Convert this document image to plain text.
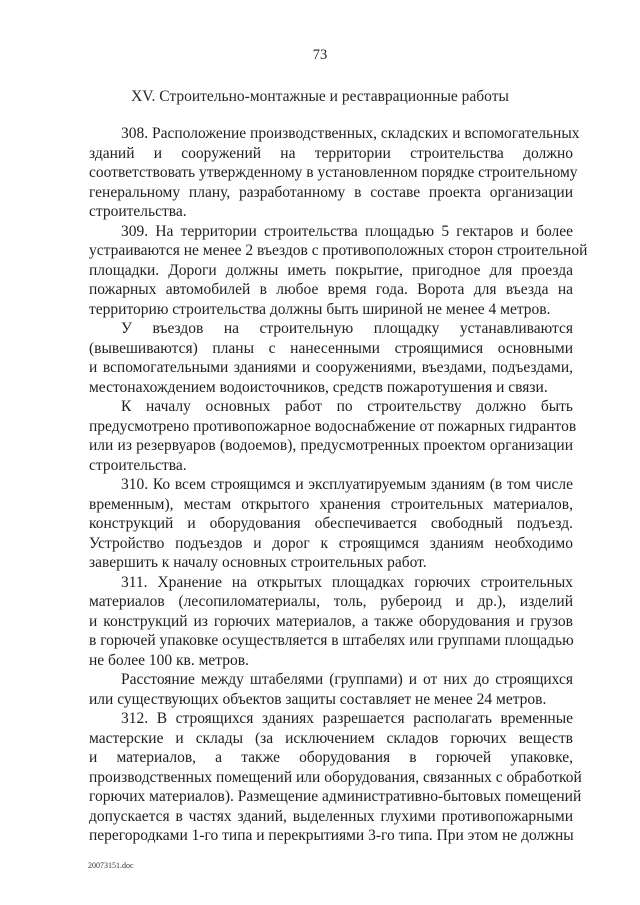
73
XV. Строительно-монтажные и реставрационные работы
308. Расположение производственных, складских и вспомогательных
зданий и сооружений на территории строительства должно
соответствовать утвержденному в установленном порядке строительному
генеральному плану, разработанному в составе проекта организации
строительства.
309. На территории строительства площадью 5 гектаров и более
устраиваются не менее 2 въездов с противоположных сторон строительной
площадки. Дороги должны иметь покрытие, пригодное для проезда
пожарных автомобилей в любое время года. Ворота для въезда на
территорию строительства должны быть шириной не менее 4 метров.
У въездов на строительную площадку устанавливаются
(вывешиваются) планы с нанесенными строящимися основными
и вспомогательными зданиями и сооружениями, въездами, подъездами,
местонахождением водоисточников, средств пожаротушения и связи.
К началу основных работ по строительству должно быть
предусмотрено противопожарное водоснабжение от пожарных гидрантов
или из резервуаров (водоемов), предусмотренных проектом организации
строительства.
310. Ко всем строящимся и эксплуатируемым зданиям (в том числе
временным), местам открытого хранения строительных материалов,
конструкций и оборудования обеспечивается свободный подъезд.
Устройство подъездов и дорог к строящимся зданиям необходимо
завершить к началу основных строительных работ.
311. Хранение на открытых площадках горючих строительных
материалов (лесопиломатериалы, толь, рубероид и др.), изделий
и конструкций из горючих материалов, а также оборудования и грузов
в горючей упаковке осуществляется в штабелях или группами площадью
не более 100 кв. метров.
Расстояние между штабелями (группами) и от них до строящихся
или существующих объектов защиты составляет не менее 24 метров.
312. В строящихся зданиях разрешается располагать временные
мастерские и склады (за исключением складов горючих веществ
и материалов, а также оборудования в горючей упаковке,
производственных помещений или оборудования, связанных с обработкой
горючих материалов). Размещение административно-бытовых помещений
допускается в частях зданий, выделенных глухими противопожарными
перегородками 1-го типа и перекрытиями 3-го типа. При этом не должны
20073151.doc
